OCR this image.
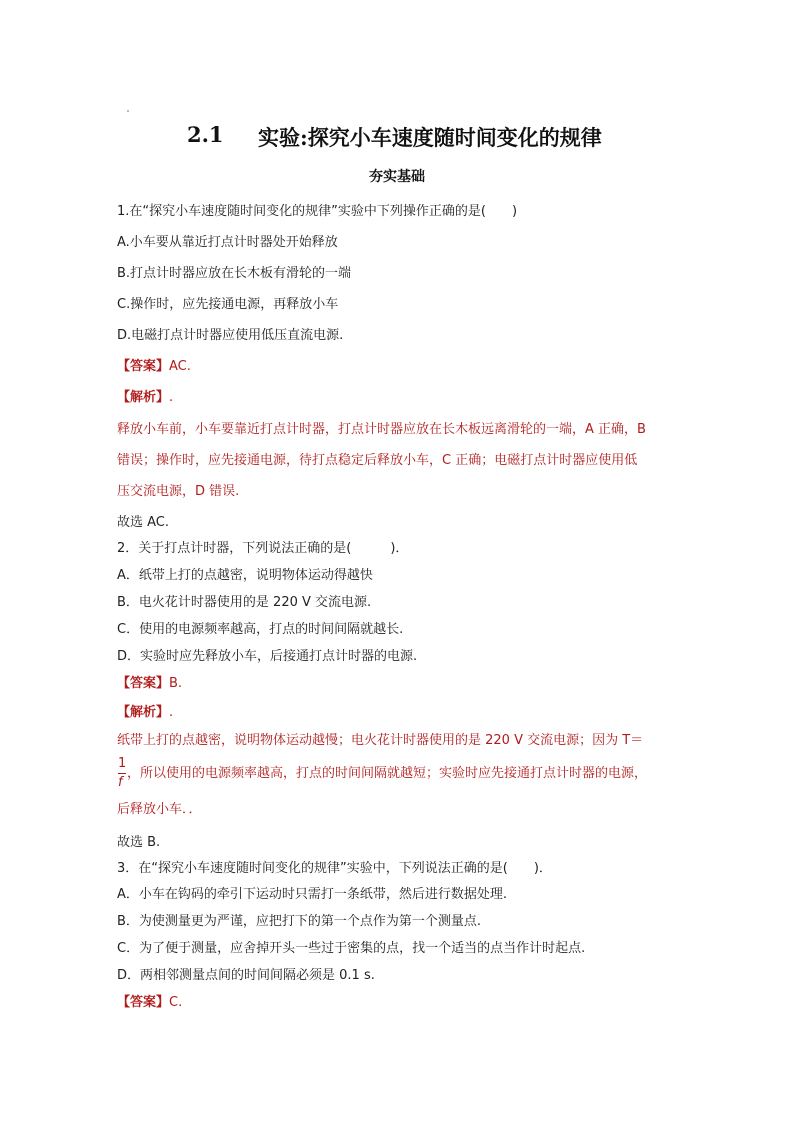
2.1 实验:探究小车速度随时间变化的规律
夯实基础
1.在“探究小车速度随时间变化的规律”实验中下列操作正确的是(　　)
A.小车要从靠近打点计时器处开始释放
B.打点计时器应放在长木板有滑轮的一端
C.操作时，应先接通电源，再释放小车
D.电磁打点计时器应使用低压直流电源.
【答案】AC.
【解析】.
释放小车前，小车要靠近打点计时器，打点计时器应放在长木板远离滑轮的一端，A 正确，B
错误；操作时，应先接通电源，待打点稳定后释放小车，C 正确；电磁打点计时器应使用低
压交流电源，D 错误.
故选 AC.
2．关于打点计时器，下列说法正确的是(　　　)．
A．纸带上打的点越密，说明物体运动得越快
B．电火花计时器使用的是 220 V 交流电源.
C．使用的电源频率越高，打点的时间间隔就越长.
D．实验时应先释放小车，后接通打点计时器的电源.
【答案】B.
【解析】.
纸带上打的点越密，说明物体运动越慢；电火花计时器使用的是 220 V 交流电源；因为 T＝
1
f
，所以使用的电源频率越高，打点的时间间隔就越短；实验时应先接通打点计时器的电源，
后释放小车．．
故选 B.
3．在“探究小车速度随时间变化的规律”实验中，下列说法正确的是(　　)．
A．小车在钩码的牵引下运动时只需打一条纸带，然后进行数据处理.
B．为使测量更为严谨，应把打下的第一个点作为第一个测量点.
C．为了便于测量，应舍掉开头一些过于密集的点，找一个适当的点当作计时起点.
D．两相邻测量点间的时间间隔必须是 0.1 s.
【答案】C.
